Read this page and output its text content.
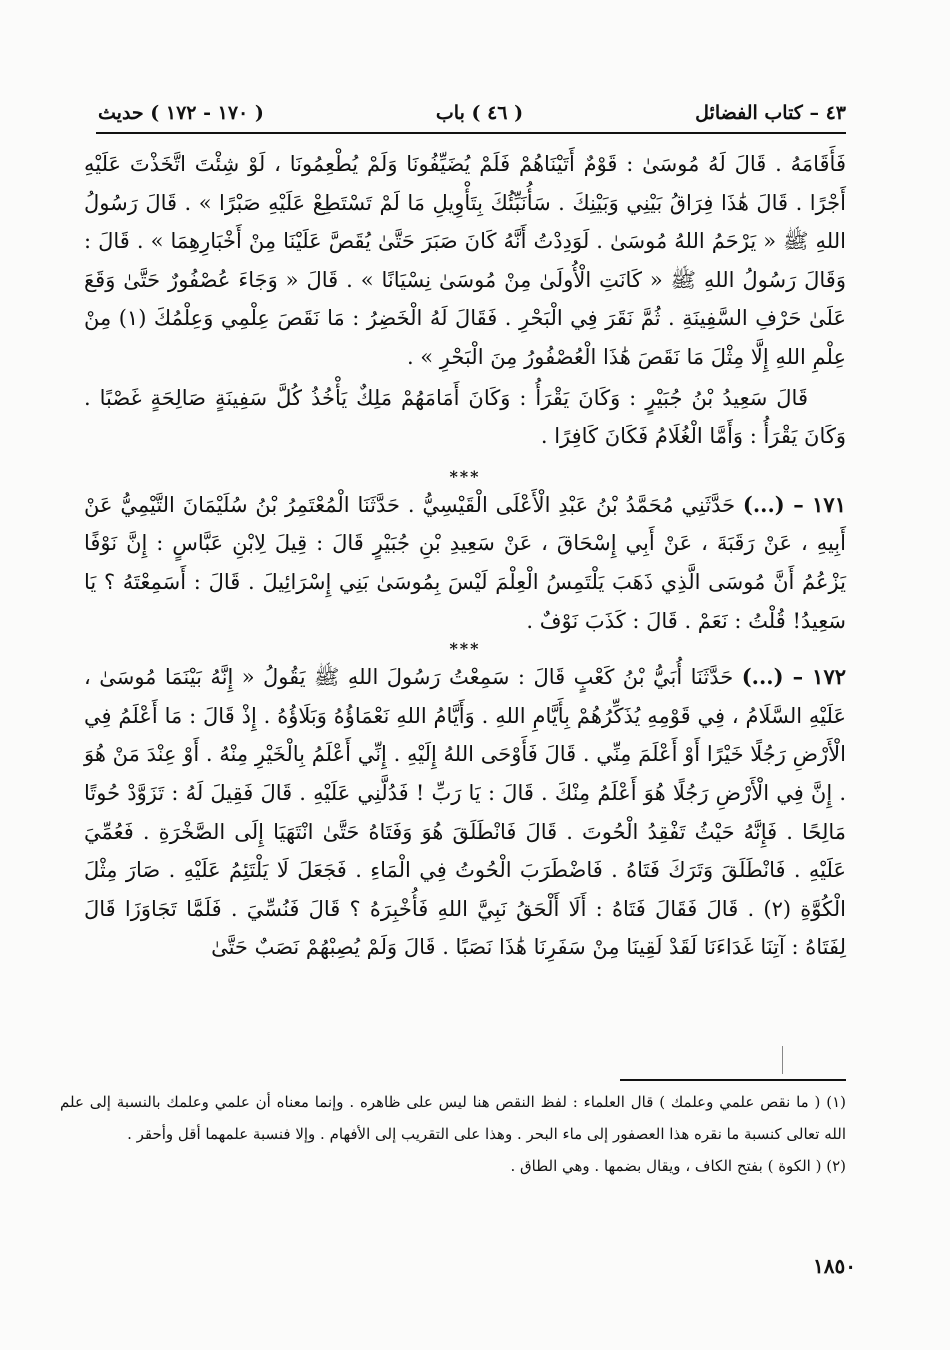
٤٣ – كتاب الفضائل
( ٤٦ ) باب
( ١٧٠ - ١٧٢ ) حديث

فَأَقَامَهُ . قَالَ لَهُ مُوسَىٰ : قَوْمٌ أَتَيْنَاهُمْ فَلَمْ يُضَيِّفُونَا وَلَمْ يُطْعِمُونَا ، لَوْ شِئْتَ اتَّخَذْتَ عَلَيْهِ أَجْرًا . قَالَ هَٰذَا فِرَاقُ بَيْنِي وَبَيْنِكَ . سَأُنَبِّئُكَ بِتَأْوِيلِ مَا لَمْ تَسْتَطِعْ عَلَيْهِ صَبْرًا » . قَالَ رَسُولُ اللهِ ﷺ « يَرْحَمُ اللهُ مُوسَىٰ . لَوَدِدْتُ أَنَّهُ كَانَ صَبَرَ حَتَّىٰ يُقَصَّ عَلَيْنَا مِنْ أَخْبَارِهِمَا » . قَالَ : وَقَالَ رَسُولُ اللهِ ﷺ « كَانَتِ الْأُولَىٰ مِنْ مُوسَىٰ نِسْيَانًا » . قَالَ « وَجَاءَ عُصْفُورٌ حَتَّىٰ وَقَعَ عَلَىٰ حَرْفِ السَّفِينَةِ . ثُمَّ نَقَرَ فِي الْبَحْرِ . فَقَالَ لَهُ الْخَضِرُ : مَا نَقَصَ عِلْمِي وَعِلْمُكَ (١) مِنْ عِلْمِ اللهِ إِلَّا مِثْلَ مَا نَقَصَ هَٰذَا الْعُصْفُورُ مِنَ الْبَحْرِ » .

قَالَ سَعِيدُ بْنُ جُبَيْرٍ : وَكَانَ يَقْرَأُ : وَكَانَ أَمَامَهُمْ مَلِكٌ يَأْخُذُ كُلَّ سَفِينَةٍ صَالِحَةٍ غَصْبًا . وَكَانَ يَقْرَأُ : وَأَمَّا الْغُلَامُ فَكَانَ كَافِرًا .

***

١٧١ – (...) حَدَّثَنِي مُحَمَّدُ بْنُ عَبْدِ الْأَعْلَى الْقَيْسِيُّ . حَدَّثَنَا الْمُعْتَمِرُ بْنُ سُلَيْمَانَ التَّيْمِيُّ عَنْ أَبِيهِ ، عَنْ رَقَبَةَ ، عَنْ أَبِي إِسْحَاقَ ، عَنْ سَعِيدِ بْنِ جُبَيْرٍ قَالَ : قِيلَ لِابْنِ عَبَّاسٍ : إِنَّ نَوْفًا يَزْعُمُ أَنَّ مُوسَى الَّذِي ذَهَبَ يَلْتَمِسُ الْعِلْمَ لَيْسَ بِمُوسَىٰ بَنِي إِسْرَائِيلَ . قَالَ : أَسَمِعْتَهُ ؟ يَا سَعِيدُ! قُلْتُ : نَعَمْ . قَالَ : كَذَبَ نَوْفٌ .

***

١٧٢ – (...) حَدَّثَنَا أُبَيُّ بْنُ كَعْبٍ قَالَ : سَمِعْتُ رَسُولَ اللهِ ﷺ يَقُولُ « إِنَّهُ بَيْنَمَا مُوسَىٰ ، عَلَيْهِ السَّلَامُ ، فِي قَوْمِهِ يُذَكِّرُهُمْ بِأَيَّامِ اللهِ . وَأَيَّامُ اللهِ نَعْمَاؤُهُ وَبَلَاؤُهُ . إِذْ قَالَ : مَا أَعْلَمُ فِي الْأَرْضِ رَجُلًا خَيْرًا أَوْ أَعْلَمَ مِنِّي . قَالَ فَأَوْحَى اللهُ إِلَيْهِ . إِنِّي أَعْلَمُ بِالْخَيْرِ مِنْهُ . أَوْ عِنْدَ مَنْ هُوَ . إِنَّ فِي الْأَرْضِ رَجُلًا هُوَ أَعْلَمُ مِنْكَ . قَالَ : يَا رَبِّ ! فَدُلَّنِي عَلَيْهِ . قَالَ فَقِيلَ لَهُ : تَزَوَّدْ حُوتًا مَالِحًا . فَإِنَّهُ حَيْثُ تَفْقِدُ الْحُوتَ . قَالَ فَانْطَلَقَ هُوَ وَفَتَاهُ حَتَّىٰ انْتَهَيَا إِلَى الصَّخْرَةِ . فَعُمِّيَ عَلَيْهِ . فَانْطَلَقَ وَتَرَكَ فَتَاهُ . فَاضْطَرَبَ الْحُوتُ فِي الْمَاءِ . فَجَعَلَ لَا يَلْتَئِمُ عَلَيْهِ . صَارَ مِثْلَ الْكُوَّةِ (٢) . قَالَ فَقَالَ فَتَاهُ : أَلَا أَلْحَقُ نَبِيَّ اللهِ فَأُخْبِرَهُ ؟ قَالَ فَنُسِّيَ . فَلَمَّا تَجَاوَزَا قَالَ لِفَتَاهُ : آتِنَا غَدَاءَنَا لَقَدْ لَقِينَا مِنْ سَفَرِنَا هَٰذَا نَصَبًا . قَالَ وَلَمْ يُصِبْهُمْ نَصَبٌ حَتَّىٰ

(١) ( ما نقص علمي وعلمك ) قال العلماء : لفظ النقص هنا ليس على ظاهره . وإنما معناه أن علمي وعلمك بالنسبة إلى علم الله تعالى كنسبة ما نقره هذا العصفور إلى ماء البحر . وهذا على التقريب إلى الأفهام . وإلا فنسبة علمهما أقل وأحقر .

(٢) ( الكوة ) بفتح الكاف ، ويقال بضمها . وهي الطاق .

١٨٥٠
